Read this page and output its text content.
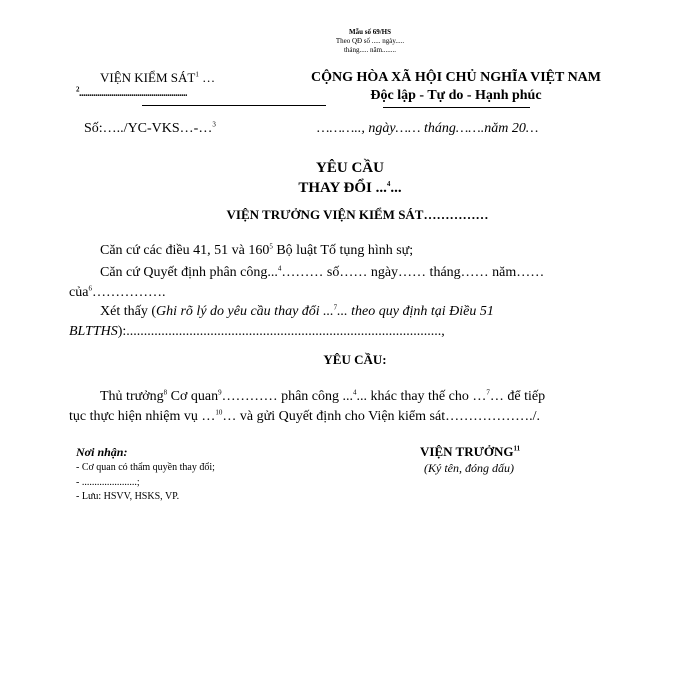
Mẫu số 69/HS
Theo QĐ số ..... ngày.....
tháng..... năm........
VIỆN KIỂM SÁT$^1$ …
$^2$......................................................
CỘNG HÒA XÃ HỘI CHỦ NGHĨA VIỆT NAM
Độc lập - Tự do - Hạnh phúc
Số:…../YC-VKS…-…$^3$	……….., ngày…… tháng…….năm 20…
YÊU CẦU
THAY ĐỔI ...$^4$...
VIỆN TRƯỞNG VIỆN KIỂM SÁT……………
Căn cứ các điều 41, 51 và $160^5$ Bộ luật Tố tụng hình sự;
Căn cứ Quyết định phân công...$^4$……… số…… ngày…… tháng…… năm……
của$^6$…………….
Xét thấy (Ghi rõ lý do yêu cầu thay đổi ...$^7$... theo quy định tại Điều 51
BLTTHS):..........................................................................................,
YÊU CẦU:
Thủ trưởng$^8$ Cơ quan$^9$………… phân công ...$^4$... khác thay thế cho …$^7$… để tiếp
tục thực hiện nhiệm vụ …$^{10}$… và gửi Quyết định cho Viện kiểm sát………………./.
Nơi nhận:
- Cơ quan có thẩm quyền thay đổi;
- ......................;
- Lưu: HSVV, HSKS, VP.
VIỆN TRƯỞNG$^{11}$
(Ký tên, đóng dấu)
